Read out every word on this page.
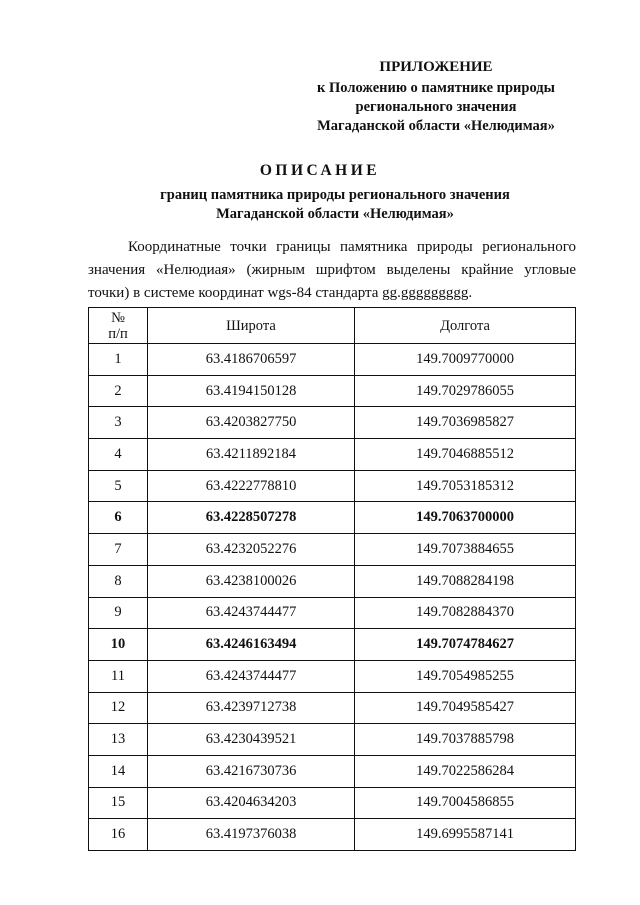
ПРИЛОЖЕНИЕ
к Положению о памятнике природы
регионального значения
Магаданской области «Нелюдимая»
ОПИСАНИЕ
границ памятника природы регионального значения
Магаданской области «Нелюдимая»
Координатные точки границы памятника природы регионального значения «Нелюдиая» (жирным шрифтом выделены крайние угловые точки) в системе координат wgs-84 стандарта gg.ggggggggg.
№
п/п	Широта	Долгота
1	63.4186706597	149.7009770000
2	63.4194150128	149.7029786055
3	63.4203827750	149.7036985827
4	63.4211892184	149.7046885512
5	63.4222778810	149.7053185312
6	63.4228507278	149.7063700000
7	63.4232052276	149.7073884655
8	63.4238100026	149.7088284198
9	63.4243744477	149.7082884370
10	63.4246163494	149.7074784627
11	63.4243744477	149.7054985255
12	63.4239712738	149.7049585427
13	63.4230439521	149.7037885798
14	63.4216730736	149.7022586284
15	63.4204634203	149.7004586855
16	63.4197376038	149.6995587141
